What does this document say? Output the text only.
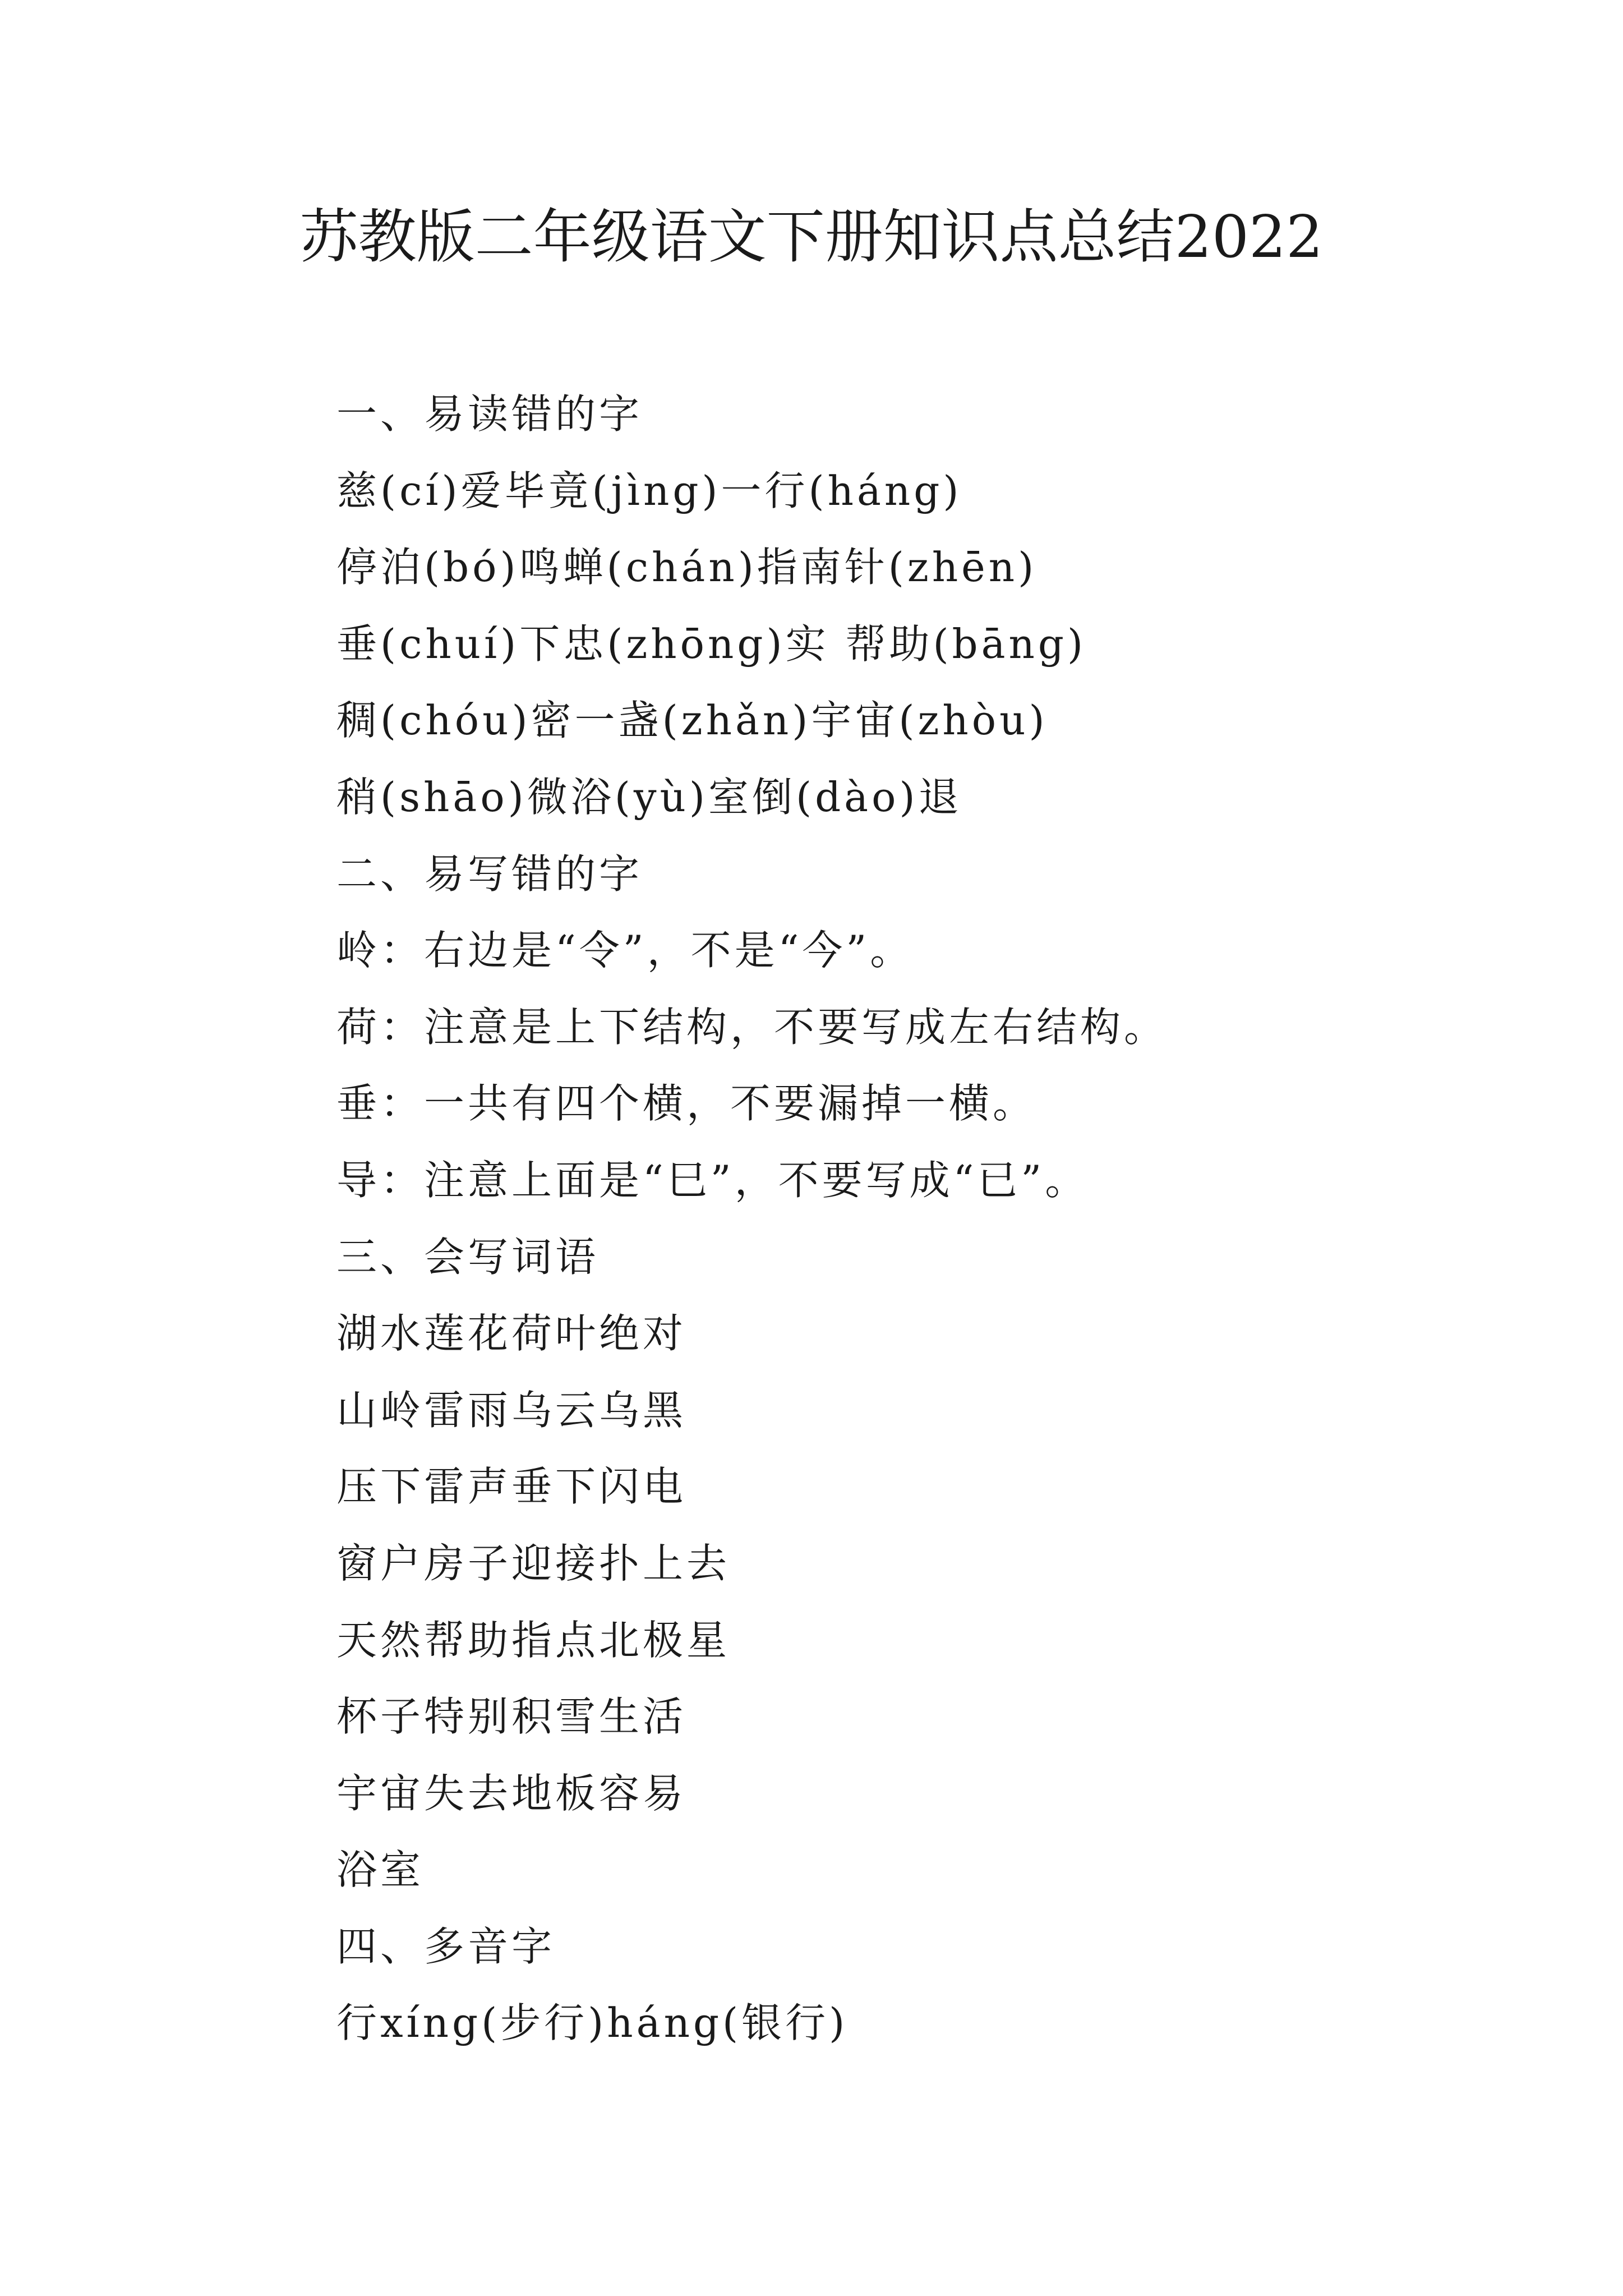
苏教版二年级语文下册知识点总结2022
一、易读错的字
慈(cí)爱毕竟(jìng)一行(háng)
停泊(bó)鸣蝉(chán)指南针(zhēn)
垂(chuí)下忠(zhōng)实 帮助(bāng)
稠(chóu)密一盏(zhǎn)宇宙(zhòu)
稍(shāo)微浴(yù)室倒(dào)退
二、易写错的字
岭：右边是“令”，不是“今”。
荷：注意是上下结构，不要写成左右结构。
垂：一共有四个横，不要漏掉一横。
导：注意上面是“巳”，不要写成“已”。
三、会写词语
湖水莲花荷叶绝对
山岭雷雨乌云乌黑
压下雷声垂下闪电
窗户房子迎接扑上去
天然帮助指点北极星
杯子特别积雪生活
宇宙失去地板容易
浴室
四、多音字
行xíng(步行)háng(银行)
